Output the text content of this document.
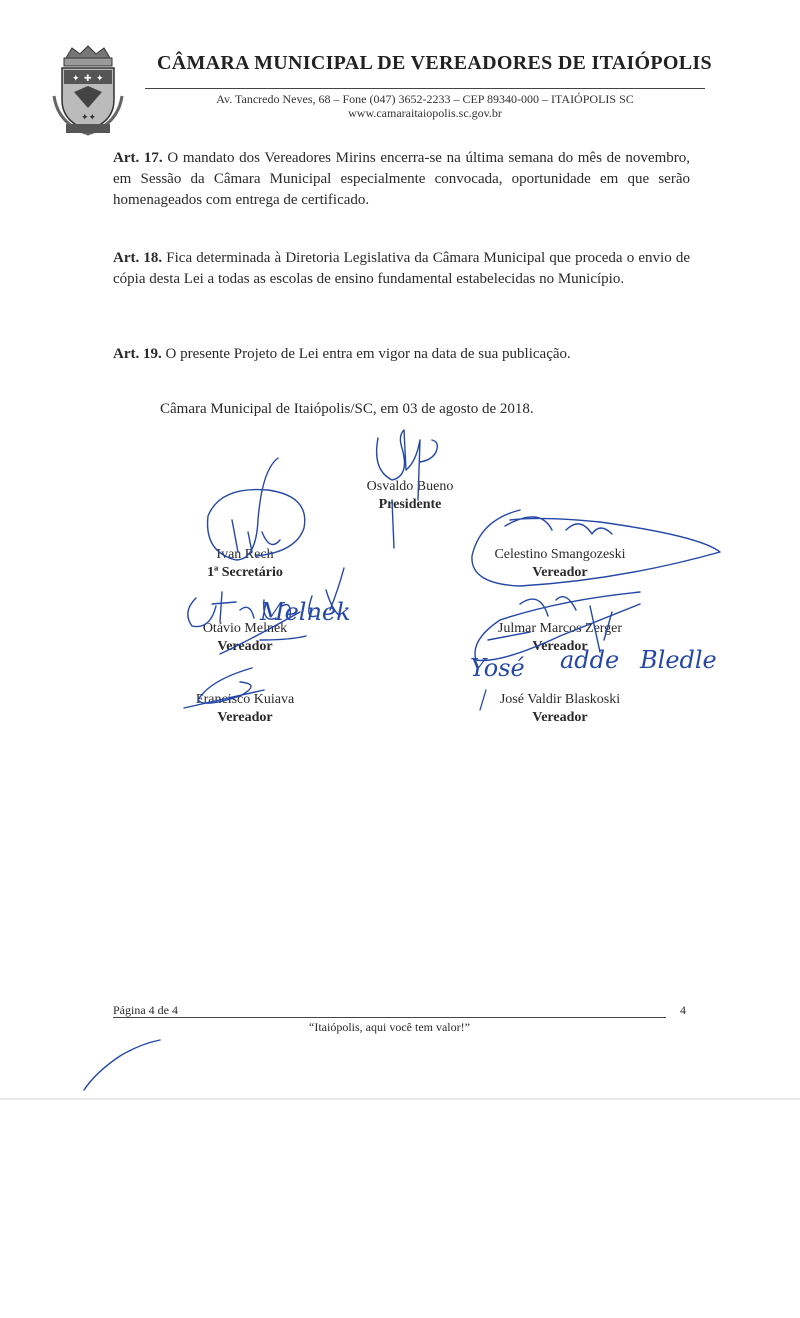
✦ ✚ ✦
✦✦
CÂMARA MUNICIPAL DE VEREADORES DE ITAIÓPOLIS
Av. Tancredo Neves, 68 – Fone (047) 3652-2233 – CEP 89340-000 – ITAIÓPOLIS SC
www.camaraitaiopolis.sc.gov.br
Art. 17. O mandato dos Vereadores Mirins encerra-se na última semana do mês de novembro, em Sessão da Câmara Municipal especialmente convocada, oportunidade em que serão homenageados com entrega de certificado.
Art. 18. Fica determinada à Diretoria Legislativa da Câmara Municipal que proceda o envio de cópia desta Lei a todas as escolas de ensino fundamental estabelecidas no Município.
Art. 19. O presente Projeto de Lei entra em vigor na data de sua publicação.
Câmara Municipal de Itaiópolis/SC, em 03 de agosto de 2018.
Osvaldo Bueno
Presidente
Ivan Rech
1ª Secretário
Celestino Smangozeski
Vereador
Otávio Melnek
Vereador
Julmar Marcos Zerger
Vereador
Francisco Kuiava
Vereador
José Valdir Blaskoski
Vereador
Melnek
Yosé adde Bledle
Página 4 de 4	4
“Itaiópolis, aqui você tem valor!”
